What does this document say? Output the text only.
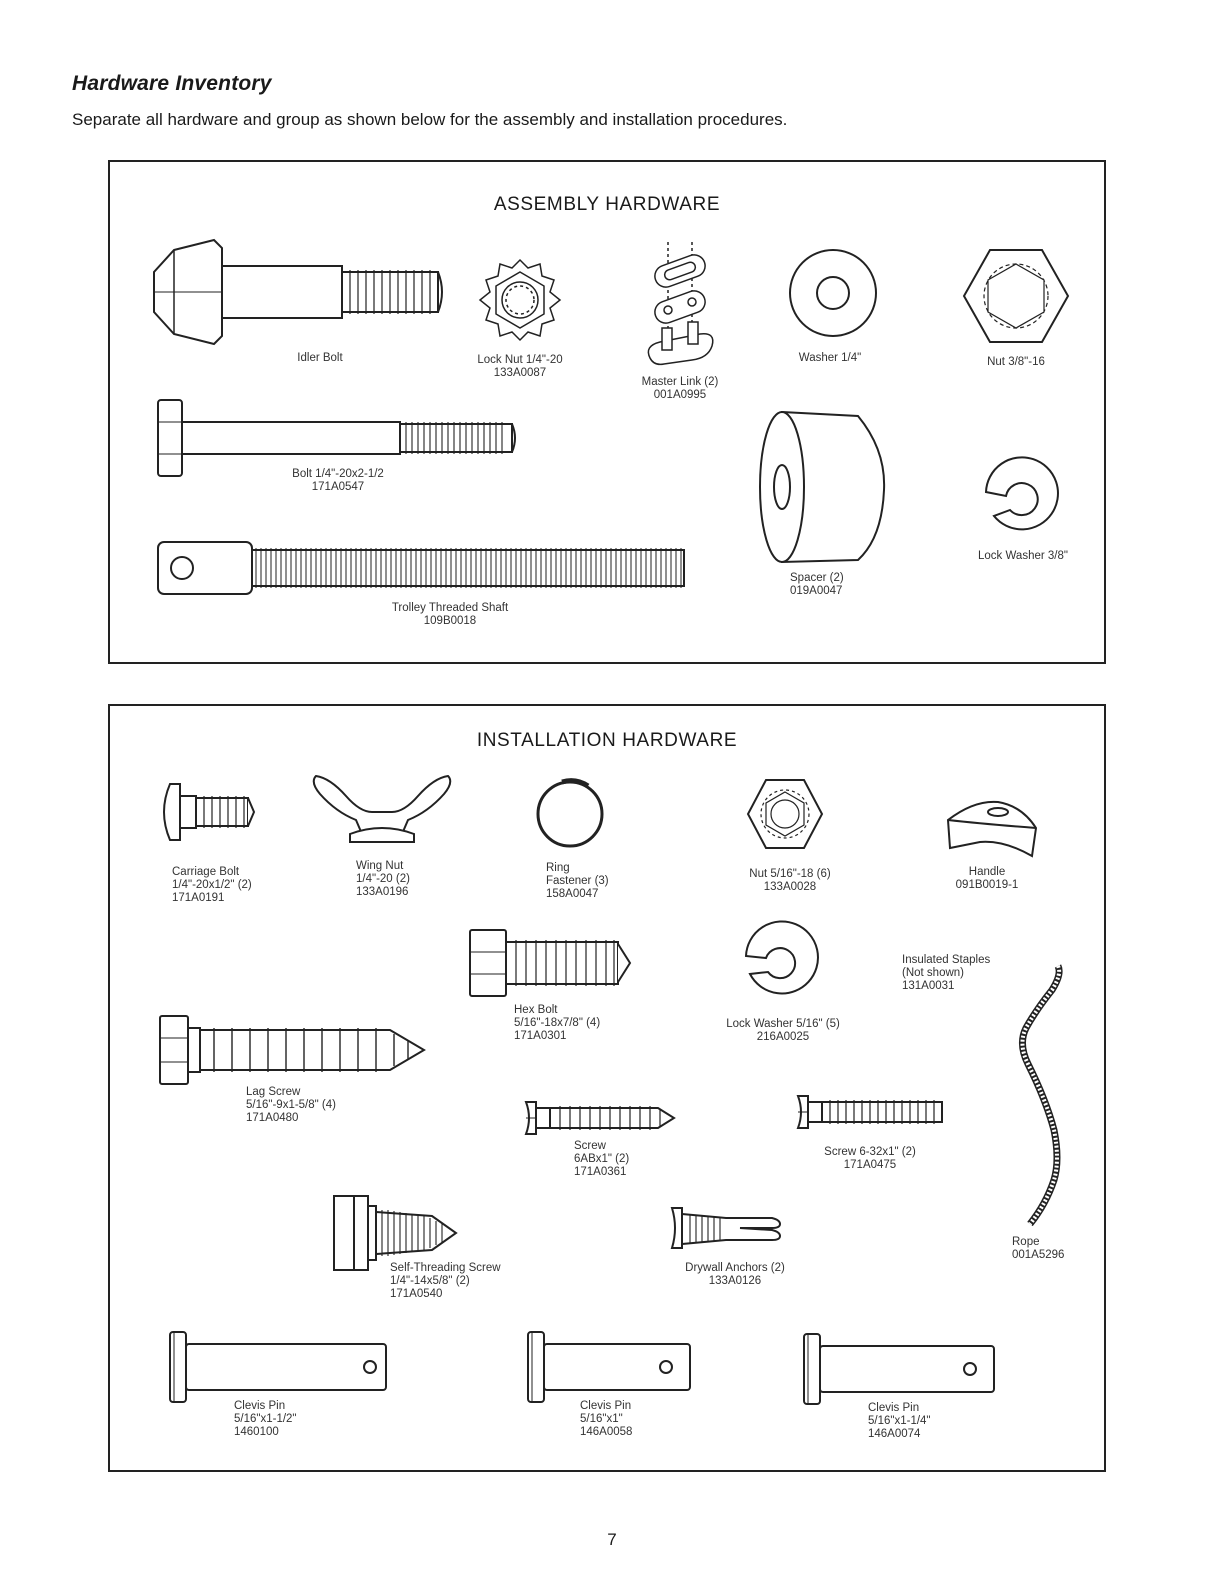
Hardware Inventory

Separate all hardware and group as shown below for the assembly and installation procedures.

ASSEMBLY HARDWARE
Idler Bolt	Lock Nut 1/4"-20
133A0087
Master Link (2)
001A0995
Washer 1/4"	Nut 3/8"-16
Bolt 1/4"-20x2-1/2
171A0547
Spacer (2)
019A0047
Lock Washer 3/8"
Trolley Threaded Shaft
109B0018
INSTALLATION HARDWARE
Carriage Bolt
1/4"-20x1/2" (2)
171A0191
Wing Nut
1/4"-20 (2)
133A0196
Ring
Fastener (3)
158A0047
Nut 5/16"-18 (6)
133A0028
Handle
091B0019-1
Hex Bolt
5/16"-18x7/8" (4)
171A0301
Lock Washer 5/16" (5)
216A0025
Insulated Staples
(Not shown)
131A0031
Rope
001A5296
Lag Screw
5/16"-9x1-5/8" (4)
171A0480
Screw
6ABx1" (2)
171A0361
Screw 6-32x1" (2)
171A0475
Self-Threading Screw
1/4"-14x5/8" (2)
171A0540
Drywall Anchors (2)
133A0126
Clevis Pin
5/16"x1-1/2"
1460100
Clevis Pin
5/16"x1"
146A0058
Clevis Pin
5/16"x1-1/4"
146A0074
7
